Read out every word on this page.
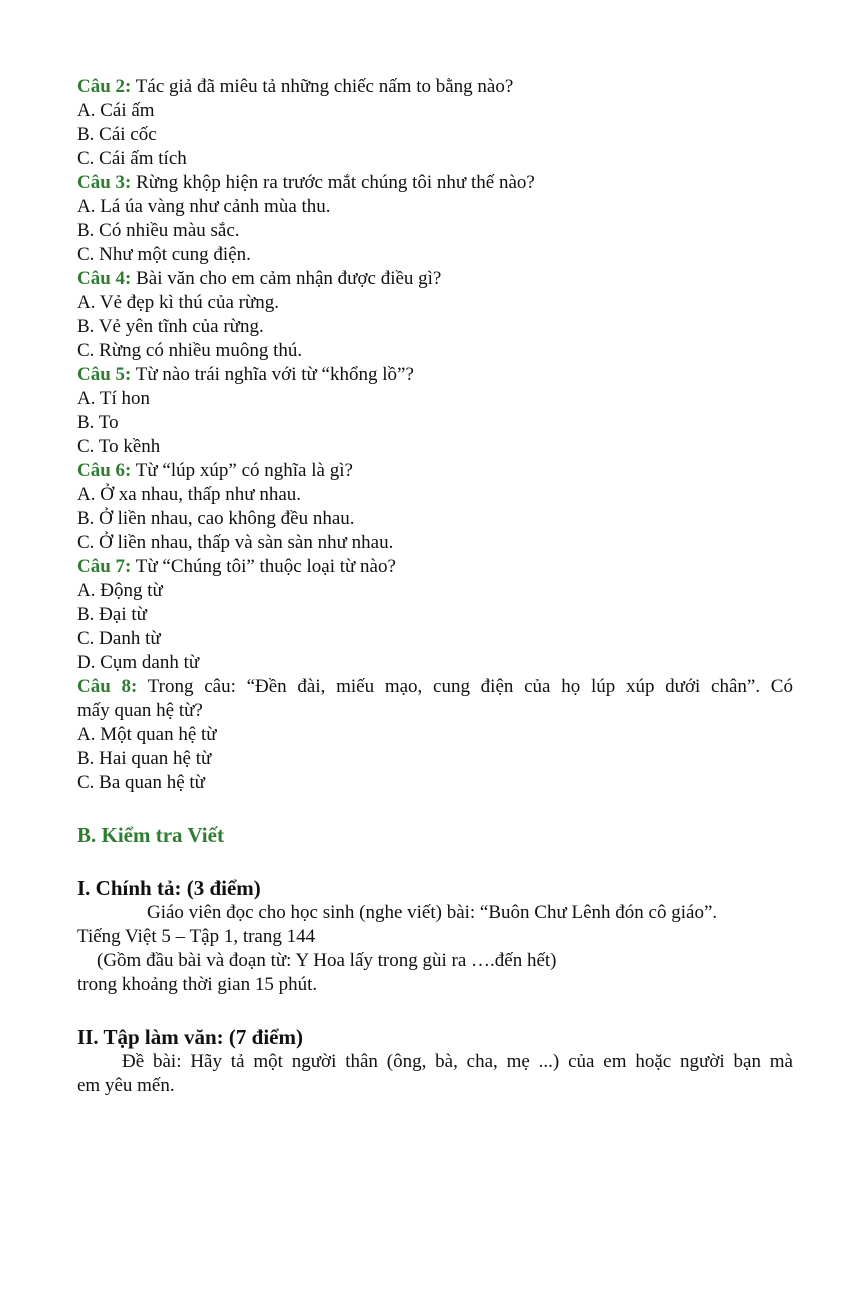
Câu 2: Tác giả đã miêu tả những chiếc nấm to bằng nào?
A. Cái ấm
B. Cái cốc
C. Cái ấm tích
Câu 3: Rừng khộp hiện ra trước mắt chúng tôi như thế nào?
A. Lá úa vàng như cảnh mùa thu.
B. Có nhiều màu sắc.
C. Như một cung điện.
Câu 4: Bài văn cho em cảm nhận được điều gì?
A. Vẻ đẹp kì thú của rừng.
B. Vẻ yên tĩnh của rừng.
C. Rừng có nhiều muông thú.
Câu 5: Từ nào trái nghĩa với từ “khổng lồ”?
A. Tí hon
B. To
C. To kềnh
Câu 6: Từ “lúp xúp” có nghĩa là gì?
A. Ở xa nhau, thấp như nhau.
B. Ở liền nhau, cao không đều nhau.
C. Ở liền nhau, thấp và sàn sàn như nhau.
Câu 7: Từ “Chúng tôi” thuộc loại từ nào?
A. Động từ
B. Đại từ
C. Danh từ
D. Cụm danh từ
Câu 8: Trong câu: “Đền đài, miếu mạo, cung điện của họ lúp xúp dưới chân”. Có
mấy quan hệ từ?
A. Một quan hệ từ
B. Hai quan hệ từ
C. Ba quan hệ từ
B. Kiểm tra Viết
I. Chính tả: (3 điểm)
Giáo viên đọc cho học sinh (nghe viết) bài: “Buôn Chư Lênh đón cô giáo”.
Tiếng Việt 5 – Tập 1, trang 144
(Gồm đầu bài và đoạn từ: Y Hoa lấy trong gùi ra ….đến hết)
trong khoảng thời gian 15 phút.
II. Tập làm văn: (7 điểm)
Đề bài: Hãy tả một người thân (ông, bà, cha, mẹ ...) của em hoặc người bạn mà
em yêu mến.
